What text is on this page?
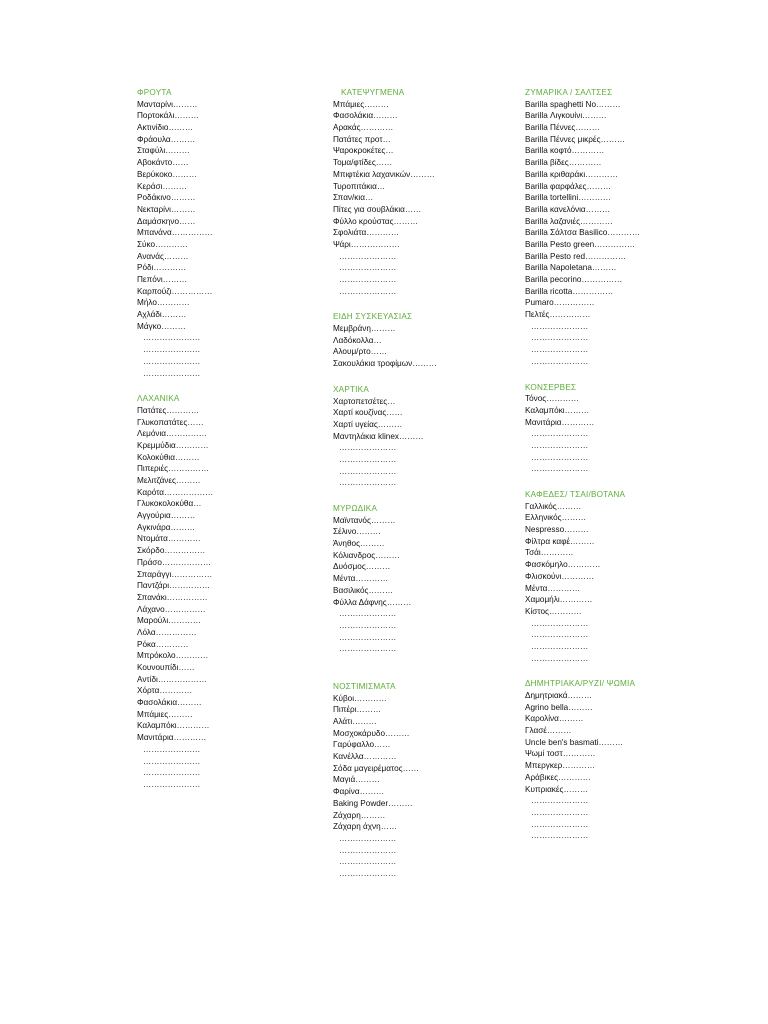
ΦΡΟΥΤΑ
Μανταρίνι………
Πορτοκάλι………
Ακτινίδιο………
Φράουλα………
Σταφύλι………
Αβοκάντο……
Βερύκοκο………
Κεράσι………
Ροδάκινο………
Νεκταρίνι………
Δαμάσκηνο……
Μπανάνα……………
Σύκο…………
Ανανάς………
Ρόδι…………
Πεπόνι………
Καρπούζι……………
Μήλο…………
Αχλάδι………
Μάγκο………
…………………
…………………
…………………
…………………
ΛΑΧΑΝΙΚΑ
Πατάτες…………
Γλυκοπατάτες……
Λεμόνια……………
Κρεμμύδια…………
Κολοκύθια………
Πιπεριές……………
Μελιτζάνες………
Καρότα………………
Γλυκοκολοκύθα…
Αγγούρια………
Αγκινάρα………
Ντομάτα…………
Σκόρδο……………
Πράσο………………
Σπαράγγι……………
Παντζάρι……………
Σπανάκι……………
Λάχανο……………
Μαρούλι…………
Λόλα……………
Ρόκα…………
Μπρόκολο…………
Κουνουπίδι……
Αντίδι………………
Χόρτα…………
Φασολάκια………
Μπάμιες………
Καλαμπόκι…………
Μανιτάρια…………
…………………
…………………
…………………
…………………
ΚΑΤΕΨΥΓΜΕΝΑ
Μπάμιες………
Φασολάκια………
Αρακάς…………
Πατάτες προτ…
Ψαροκροκέτες…
Τομα/φτίδες……
Μπιφτέκια λαχανικών………
Τυροπιτάκια…
Σπαν/κια…
Πίτες για σουβλάκια……
Φύλλο κρούστας………
Σφολιάτα…………
Ψάρι………………
…………………
…………………
…………………
…………………
ΕΙΔΗ ΣΥΣΚΕΥΑΣΙΑΣ
Μεμβράνη………
Λαδόκολλα…
Αλουμ/ρτο……
Σακουλάκια τροφίμων………
ΧΑΡΤΙΚΑ
Χαρτοπετσέτες…
Χαρτί κουζίνας……
Χαρτί υγείας………
Μαντηλάκια klinex………
…………………
…………………
…………………
…………………
ΜΥΡΩΔΙΚΑ
Μαϊντανός………
Σέλινο………
Άνηθος………
Κόλιανδρος………
Δυόσμος………
Μέντα…………
Βασιλικός………
Φύλλα Δάφνης………
…………………
…………………
…………………
…………………
ΝΟΣΤΙΜΙΣΜΑΤΑ
Κύβοι…………
Πιπέρι………
Αλάτι………
Μοσχοκάρυδο………
Γαρύφαλλο……
Κανέλλα…………
Σόδα μαγειρέματος……
Μαγιά………
Φαρίνα………
Baking Powder………
Ζάχαρη………
Ζάχαρη άχνη……
…………………
…………………
…………………
…………………
ΖΥΜΑΡΙΚΑ / ΣΑΛΤΣΕΣ
Barilla spaghetti No………
Barilla Λιγκουίνι………
Barilla Πέννες………
Barilla Πέννες μικρές………
Barilla κοφτό…………
Barilla βίδες…………
Barilla κριθαράκι…………
Barilla φαρφάλες………
Barilla tortellini…………
Barilla κανελόνια………
Barilla λαζανιές…………
Barilla Σάλτσα Basilico…………
Barilla Pesto green……………
Barilla Pesto red……………
Barilla Napoletana………
Barilla pecorino……………
Barilla ricotta……………
Pumaro……………
Πελτές……………
…………………
…………………
…………………
…………………
ΚΟΝΣΕΡΒΕΣ
Τόνος…………
Καλαμπόκι………
Μανιτάρια…………
…………………
…………………
…………………
…………………
ΚΑΦΕΔΕΣ/ ΤΣΑΙ/ΒΟΤΑΝΑ
Γαλλικός………
Ελληνικός………
Nespresso………
Φίλτρα καφέ………
Τσάι…………
Φασκόμηλο…………
Φλισκούνι…………
Μέντα…………
Χαμομήλι…………
Κίστος…………
…………………
…………………
…………………
…………………
ΔΗΜΗΤΡΙΑΚΑ/ΡΥΖΙ/ ΨΩΜΙΑ
Δημητριακά………
Agrino bella………
Καρολίνα………
Γλασέ………
Uncle ben's basmati………
Ψωμί τοστ…………
Μπεργκερ…………
Αράβικες…………
Κυπριακές………
…………………
…………………
…………………
…………………
